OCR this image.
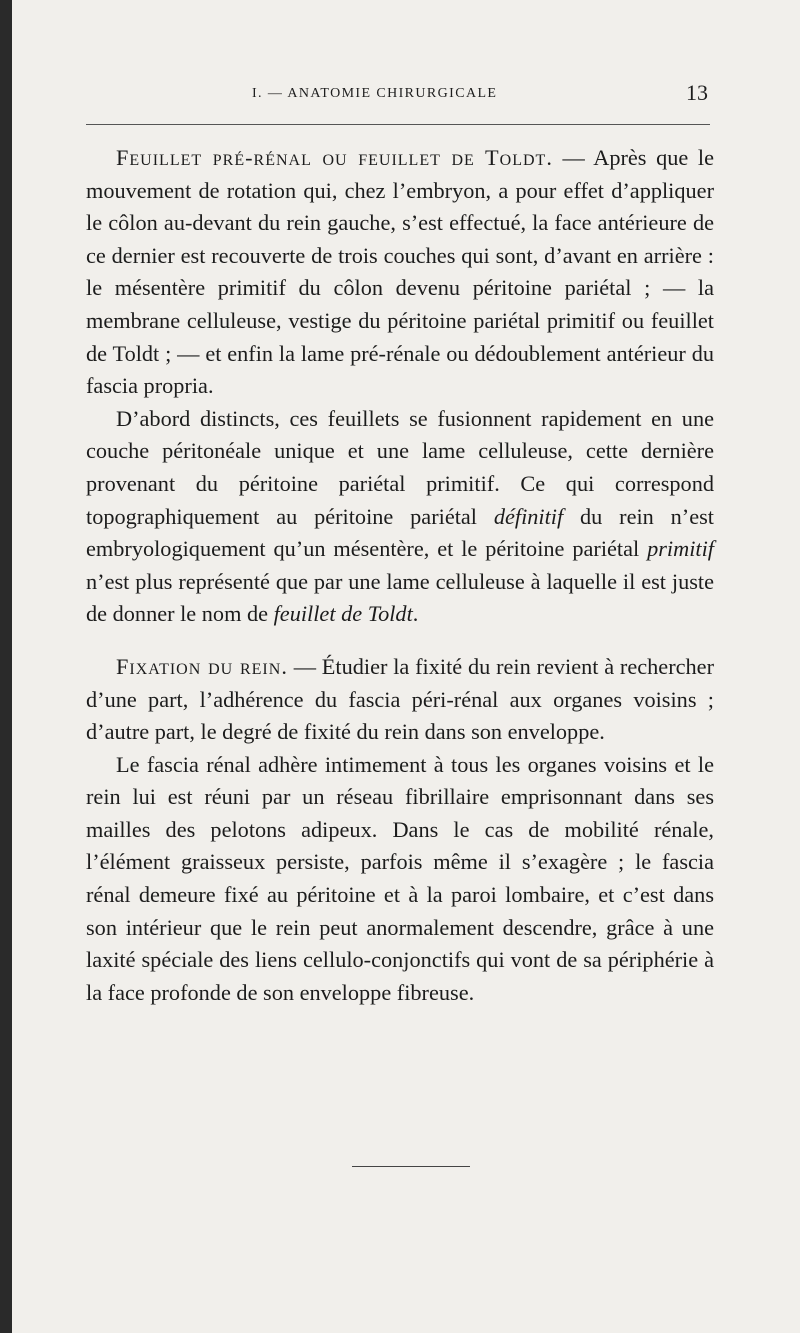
I. — ANATOMIE CHIRURGICALE	13

Feuillet pré-rénal ou feuillet de Toldt. — Après que le mouvement de rotation qui, chez l’embryon, a pour effet d’appliquer le côlon au-devant du rein gauche, s’est effectué, la face antérieure de ce dernier est recouverte de trois couches qui sont, d’avant en arrière : le mésentère primitif du côlon devenu péritoine pariétal ; — la membrane celluleuse, vestige du péritoine pariétal primitif ou feuillet de Toldt ; — et enfin la lame pré-rénale ou dédoublement antérieur du fascia propria.

D’abord distincts, ces feuillets se fusionnent rapidement en une couche péritonéale unique et une lame celluleuse, cette dernière provenant du péritoine pariétal primitif. Ce qui correspond topographiquement au péritoine pariétal définitif du rein n’est embryologiquement qu’un mésentère, et le péritoine pariétal primitif n’est plus représenté que par une lame celluleuse à laquelle il est juste de donner le nom de feuillet de Toldt.

Fixation du rein. — Étudier la fixité du rein revient à rechercher d’une part, l’adhérence du fascia péri-rénal aux organes voisins ; d’autre part, le degré de fixité du rein dans son enveloppe.

Le fascia rénal adhère intimement à tous les organes voisins et le rein lui est réuni par un réseau fibrillaire emprisonnant dans ses mailles des pelotons adipeux. Dans le cas de mobilité rénale, l’élément graisseux persiste, parfois même il s’exagère ; le fascia rénal demeure fixé au péritoine et à la paroi lombaire, et c’est dans son intérieur que le rein peut anormalement descendre, grâce à une laxité spéciale des liens cellulo-conjonctifs qui vont de sa périphérie à la face profonde de son enveloppe fibreuse.
